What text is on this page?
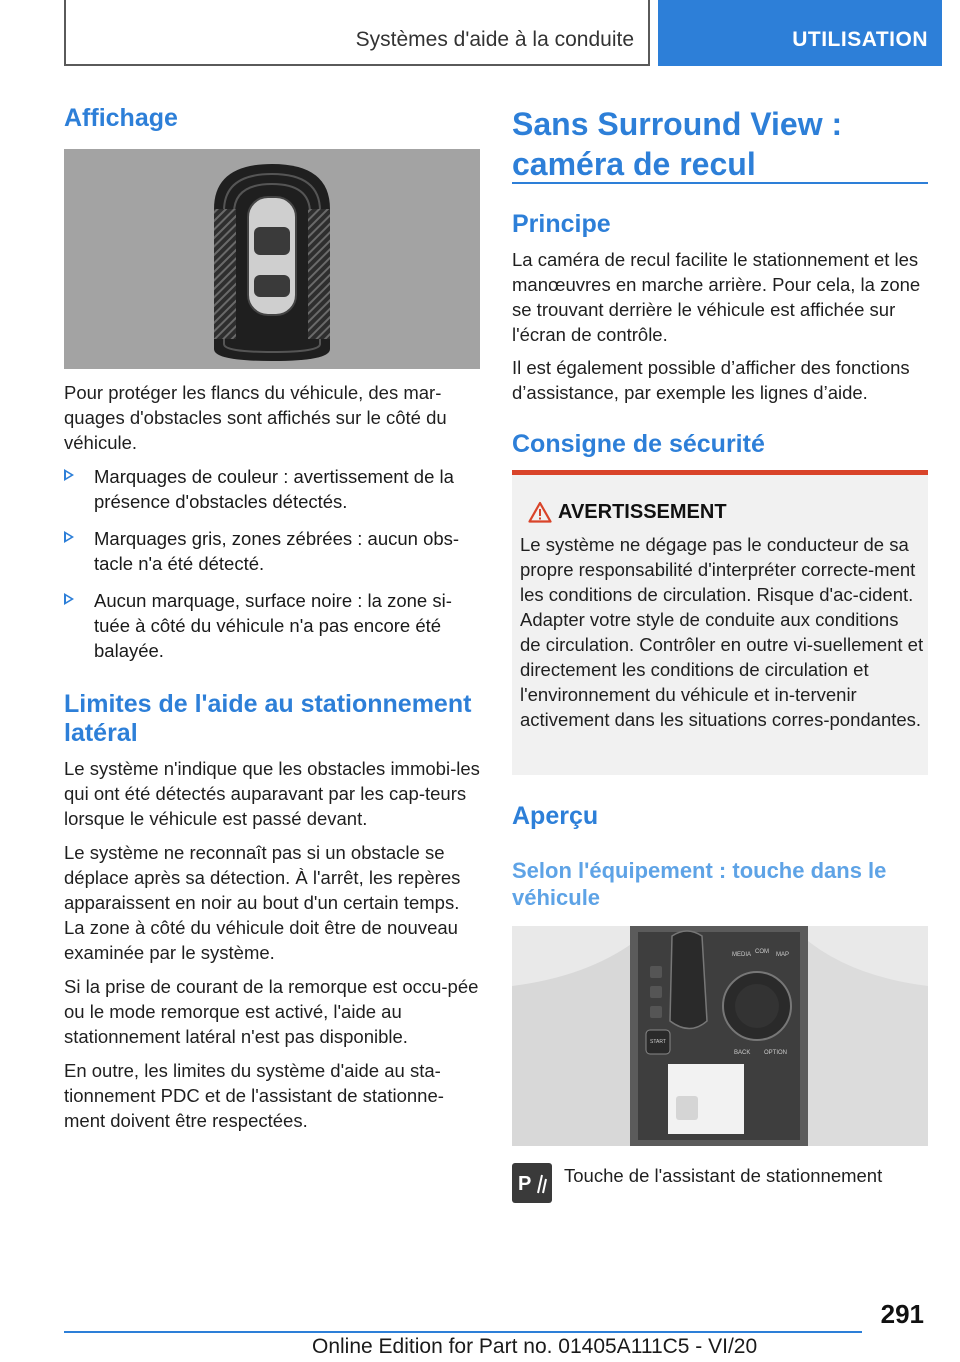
Systèmes d'aide à la conduite	UTILISATION
Affichage

Pour protéger les flancs du véhicule, des mar-quages d'obstacles sont affichés sur le côté du véhicule.

Marquages de couleur : avertissement de la présence d'obstacles détectés.
Marquages gris, zones zébrées : aucun obs-tacle n'a été détecté.
Aucun marquage, surface noire : la zone si-tuée à côté du véhicule n'a pas encore été balayée.
Limites de l'aide au stationnement latéral

Le système n'indique que les obstacles immobi-les qui ont été détectés auparavant par les cap-teurs lorsque le véhicule est passé devant.

Le système ne reconnaît pas si un obstacle se déplace après sa détection. À l'arrêt, les repères apparaissent en noir au bout d'un certain temps. La zone à côté du véhicule doit être de nouveau examinée par le système.

Si la prise de courant de la remorque est occu-pée ou le mode remorque est activé, l'aide au stationnement latéral n'est pas disponible.

En outre, les limites du système d'aide au sta-tionnement PDC et de l'assistant de stationne-ment doivent être respectées.

Sans Surround View : caméra de recul
Principe

La caméra de recul facilite le stationnement et les manœuvres en marche arrière. Pour cela, la zone se trouvant derrière le véhicule est affichée sur l'écran de contrôle.

Il est également possible d’afficher des fonctions d’assistance, par exemple les lignes d’aide.

Consigne de sécurité
AVERTISSEMENT

Le système ne dégage pas le conducteur de sa propre responsabilité d'interpréter correcte-ment les conditions de circulation. Risque d'ac-cident. Adapter votre style de conduite aux conditions de circulation. Contrôler en outre vi-suellement et directement les conditions de circulation et l'environnement du véhicule et in-tervenir activement dans les situations corres-pondantes.

Aperçu
Selon l'équipement : touche dans le véhicule
START
MEDIA COM MAP
BACK OPTION
P Touche de l'assistant de stationnement

291
Online Edition for Part no. 01405A111C5 - VI/20
